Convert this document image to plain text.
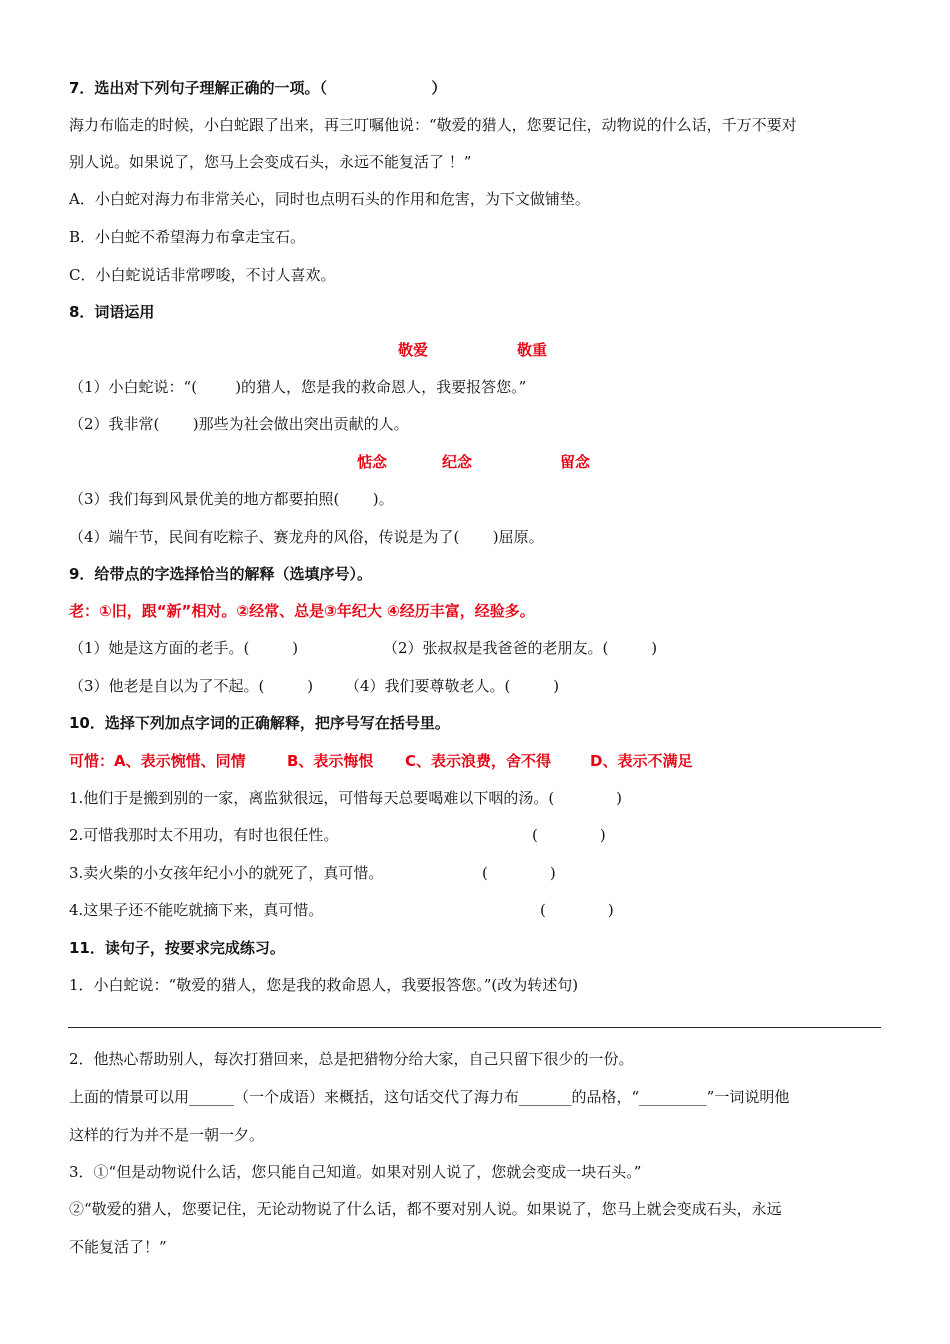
7．选出对下列句子理解正确的一项。（                    ）
海力布临走的时候，小白蛇跟了出来，再三叮嘱他说：“敬爱的猎人，您要记住，动物说的什么话，千万不要对
别人说。如果说了，您马上会变成石头，永远不能复活了 ！”
A．小白蛇对海力布非常关心，同时也点明石头的作用和危害，为下文做铺垫。
B．小白蛇不希望海力布拿走宝石。
C．小白蛇说话非常啰唆，不讨人喜欢。
8．词语运用
敬爱	敬重
（1）小白蛇说：“(        )的猎人，您是我的救命恩人，我要报答您。”
（2）我非常(       )那些为社会做出突出贡献的人。
惦念	纪念	留念
（3）我们每到风景优美的地方都要拍照(       )。
（4）端午节，民间有吃粽子、赛龙舟的风俗，传说是为了(       )屈原。
9．给带点的字选择恰当的解释（选填序号）。
老：①旧，跟“新”相对。②经常、总是③年纪大 ④经历丰富，经验多。
（1）她是这方面的老手。(         )	（2）张叔叔是我爸爸的老朋友。(         )
（3）他老是自以为了不起。(         ) （4）我们要尊敬老人。(         )
10．选择下列加点字词的正确解释，把序号写在括号里。
可惜：A、表示惋惜、同情	B、表示悔恨 C、表示浪费，舍不得	D、表示不满足
1.他们于是搬到别的一家，离监狱很远，可惜每天总要喝难以下咽的汤。(             )
2.可惜我那时太不用功，有时也很任性。	(             )
3.卖火柴的小女孩年纪小小的就死了，真可惜。	(             )
4.这果子还不能吃就摘下来，真可惜。	(             )
11．读句子，按要求完成练习。
1．小白蛇说：“敬爱的猎人，您是我的救命恩人，我要报答您。”(改为转述句)
2．他热心帮助别人，每次打猎回来，总是把猎物分给大家，自己只留下很少的一份。
上面的情景可以用______（一个成语）来概括，这句话交代了海力布_______的品格，“_________”一词说明他
这样的行为并不是一朝一夕。
3．①“但是动物说什么话，您只能自己知道。如果对别人说了，您就会变成一块石头。”
②“敬爱的猎人，您要记住，无论动物说了什么话，都不要对别人说。如果说了，您马上就会变成石头，永远
不能复活了！”
